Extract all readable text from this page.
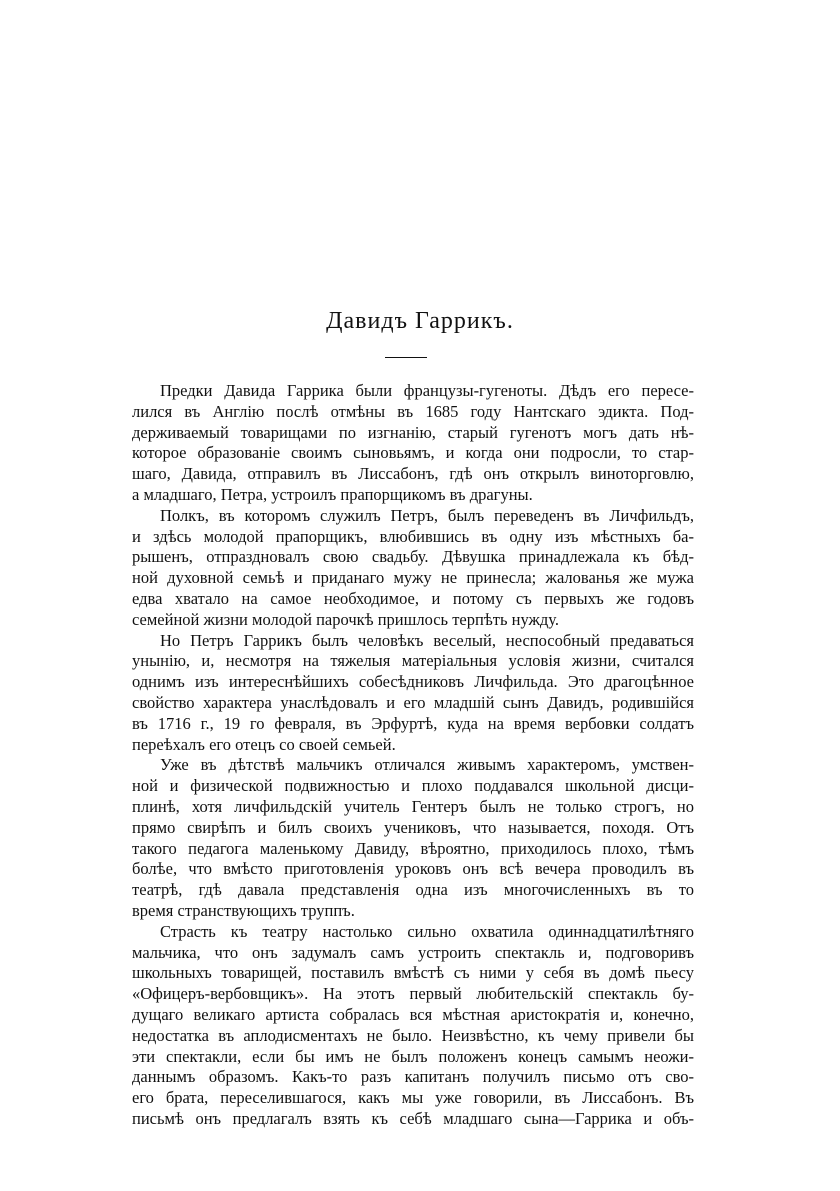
Давидъ Гаррикъ.
Предки Давида Гаррика были французы-гугеноты. Дѣдъ его пересе-
лился въ Англію послѣ отмѣны въ 1685 году Нантскаго эдикта. Под-
держиваемый товарищами по изгнанію, старый гугенотъ могъ дать нѣ-
которое образованіе своимъ сыновьямъ, и когда они подросли, то стар-
шаго, Давида, отправилъ въ Лиссабонъ, гдѣ онъ открылъ виноторговлю,
а младшаго, Петра, устроилъ прапорщикомъ въ драгуны.
Полкъ, въ которомъ служилъ Петръ, былъ переведенъ въ Личфильдъ,
и здѣсь молодой прапорщикъ, влюбившись въ одну изъ мѣстныхъ ба-
рышенъ, отпраздновалъ свою свадьбу. Дѣвушка принадлежала къ бѣд-
ной духовной семьѣ и приданаго мужу не принесла; жалованья же мужа
едва хватало на самое необходимое, и потому съ первыхъ же годовъ
семейной жизни молодой парочкѣ пришлось терпѣть нужду.
Но Петръ Гаррикъ былъ человѣкъ веселый, неспособный предаваться
унынію, и, несмотря на тяжелыя матеріальныя условія жизни, считался
однимъ изъ интереснѣйшихъ собесѣдниковъ Личфильда. Это драгоцѣнное
свойство характера унаслѣдовалъ и его младшій сынъ Давидъ, родившійся
въ 1716 г., 19 го февраля, въ Эрфуртѣ, куда на время вербовки солдатъ
переѣхалъ его отецъ со своей семьей.
Уже въ дѣтствѣ мальчикъ отличался живымъ характеромъ, умствен-
ной и физической подвижностью и плохо поддавался школьной дисци-
плинѣ, хотя личфильдскій учитель Гентеръ былъ не только строгъ, но
прямо свирѣпъ и билъ своихъ учениковъ, что называется, походя. Отъ
такого педагога маленькому Давиду, вѣроятно, приходилось плохо, тѣмъ
болѣе, что вмѣсто приготовленія уроковъ онъ всѣ вечера проводилъ въ
театрѣ, гдѣ давала представленія одна изъ многочисленныхъ въ то
время странствующихъ труппъ.
Страсть къ театру настолько сильно охватила одиннадцатилѣтняго
мальчика, что онъ задумалъ самъ устроить спектакль и, подговоривъ
школьныхъ товарищей, поставилъ вмѣстѣ съ ними у себя въ домѣ пьесу
«Офицеръ-вербовщикъ». На этотъ первый любительскій спектакль бу-
дущаго великаго артиста собралась вся мѣстная аристократія и, конечно,
недостатка въ аплодисментахъ не было. Неизвѣстно, къ чему привели бы
эти спектакли, если бы имъ не былъ положенъ конецъ самымъ неожи-
даннымъ образомъ. Какъ-то разъ капитанъ получилъ письмо отъ сво-
его брата, переселившагося, какъ мы уже говорили, въ Лиссабонъ. Въ
письмѣ онъ предлагалъ взять къ себѣ младшаго сына—Гаррика и объ-
